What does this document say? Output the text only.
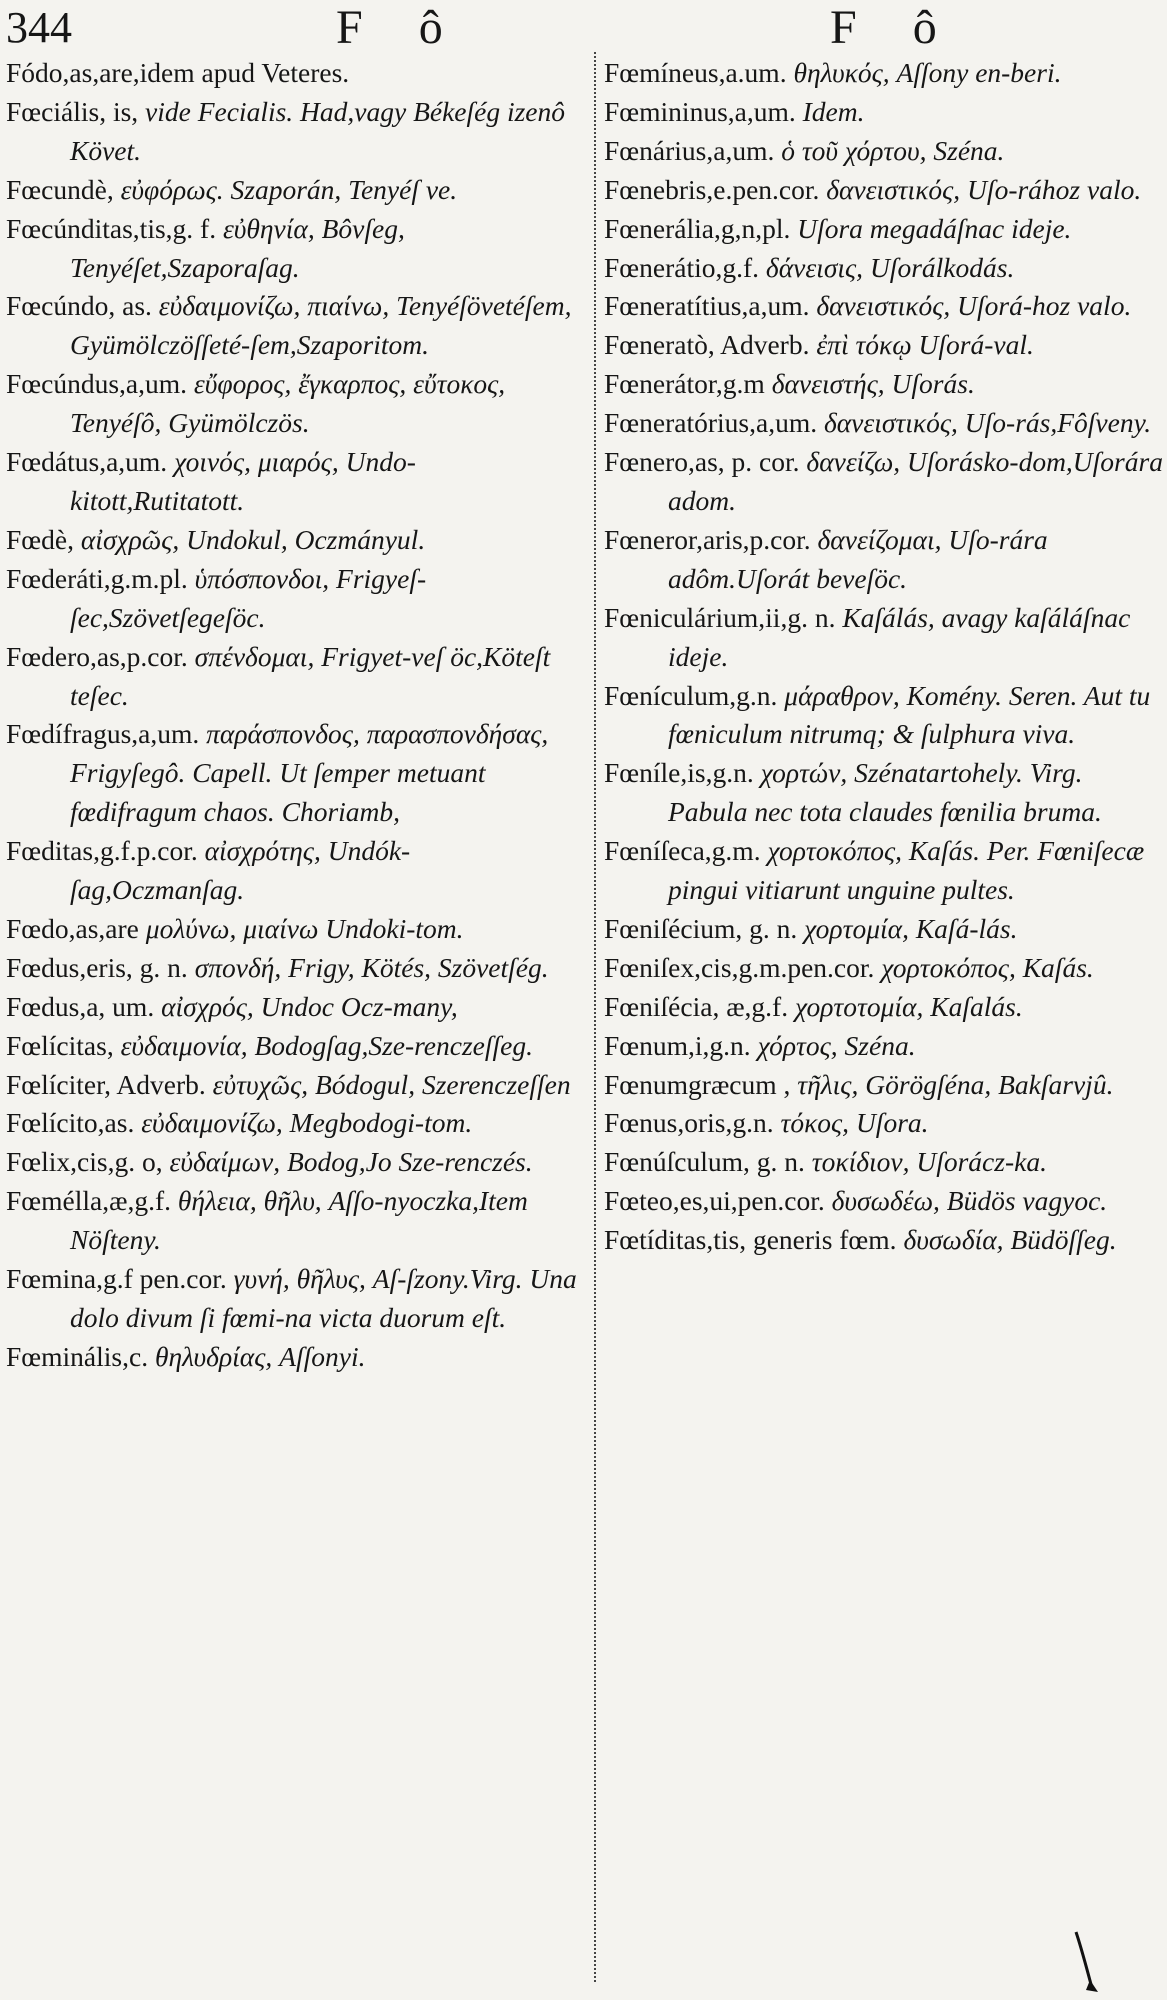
344	F ô	F ô

Fódo,as,are,idem apud Veteres.

Fœciális, is, vide Fecialis. Had,vagy Békeſég izenô Követ.

Fœcundè, εὐφόρως. Szaporán, Tenyéſ ve.

Fœcúnditas,tis,g. f. εὐθηνία, Bôvſeg, Tenyéſet,Szaporaſag.

Fœcúndo, as. εὐδαιμονίζω, πιαίνω, Tenyéſövetéſem, Gyümölczöſſeté-ſem,Szaporitom.

Fœcúndus,a,um. εὔφορος, ἔγκαρπος, εὔτοκος, Tenyéſô, Gyümölczös.

Fœdátus,a,um. χοινός, μιαρός, Undo-kitott,Rutitatott.

Fœdè, αἰσχρῶς, Undokul, Oczmányul.

Fœderáti,g.m.pl. ὑπόσπονδοι, Frigyeſ-ſec,Szövetſegeſöc.

Fœdero,as,p.cor. σπένδομαι, Frigyet-veſ öc,Köteſt teſec.

Fœdífragus,a,um. παράσπονδος, παρασπονδήσας, Frigyſegô. Capell. Ut ſemper metuant fœdifragum chaos. Choriamb,

Fœditas,g.f.p.cor. αἰσχρότης, Undók-ſag,Oczmanſag.

Fœdo,as,are μολύνω, μιαίνω Undoki-tom.

Fœdus,eris, g. n. σπονδή, Frigy, Kötés, Szövetſég.

Fœdus,a, um. αἰσχρός, Undoc Ocz-many,

Fœlícitas, εὐδαιμονία, Bodogſag,Sze-renczeſſeg.

Fœlíciter, Adverb. εὐτυχῶς, Bódogul, Szerenczeſſen

Fœlícito,as. εὐδαιμονίζω, Megbodogi-tom.

Fœlix,cis,g. o, εὐδαίμων, Bodog,Jo Sze-renczés.

Fœméllа,æ,g.f. θήλεια, θῆλυ, Aſſo-nyoczka,Item Nöſteny.

Fœmina,g.f pen.cor. γυνή, θῆλυς, Aſ-ſzony.Virg. Una dolo divum ſi fœmi-na victa duorum eſt.

Fœminális,c. θηλυδρίας, Aſſonyi.

Fœmíneus,a.um. θηλυκός, Aſſony en-beri.

Fœmininus,a,um. Idem.

Fœnárius,a,um. ὁ τοῦ χόρτου, Széna.

Fœnebris,e.pen.cor. δανειστικός, Uſo-rához valo.

Fœnerália,g,n,pl. Uſora megadáſnac ideje.

Fœnerátio,g.f. δάνεισις, Uſorálkodás.

Fœneratítius,a,um. δανειστικός, Uſorá-hoz valo.

Fœneratò, Adverb. ἐπὶ τόκῳ Uſorá-val.

Fœnerátor,g.m δανειστής, Uſorás.

Fœneratórius,a,um. δανειστικός, Uſo-rás,Fôſveny.

Fœnero,as, p. cor. δανείζω, Uſorásko-dom,Uſorára adom.

Fœneror,aris,p.cor. δανείζομαι, Uſo-rára adôm.Uſorát beveſöc.

Fœniculárium,ii,g. n. Kaſálás, avagy kaſáláſnac ideje.

Fœnículum,g.n. μάραθρον, Komény. Seren. Aut tu fœniculum nitrumq; & ſulphura viva.

Fœníle,is,g.n. χορτών, Szénatartohely. Virg. Pabula nec tota claudes fœnilia bruma.

Fœníſeca,g.m. χορτοκόπος, Kaſás. Per. Fœniſecæ pingui vitiarunt unguine pultes.

Fœniſécium, g. n. χορτομία, Kaſá-lás.

Fœniſex,cis,g.m.pen.cor. χορτοκόπος, Kaſás.

Fœniſécia, æ,g.f. χορτοτομία, Kaſalás.

Fœnum,i,g.n. χόρτος, Széna.

Fœnumgræcum , τῆλις, Görögſéna, Bakſarvjû.

Fœnus,oris,g.n. τόκος, Uſora.

Fœnúſculum, g. n. τοκίδιον, Uſorácz-ka.

Fœteo,es,ui,pen.cor. δυσωδέω, Büdös vagyoc.

Fœtíditas,tis, generis fœm. δυσωδία, Büdöſſeg.
